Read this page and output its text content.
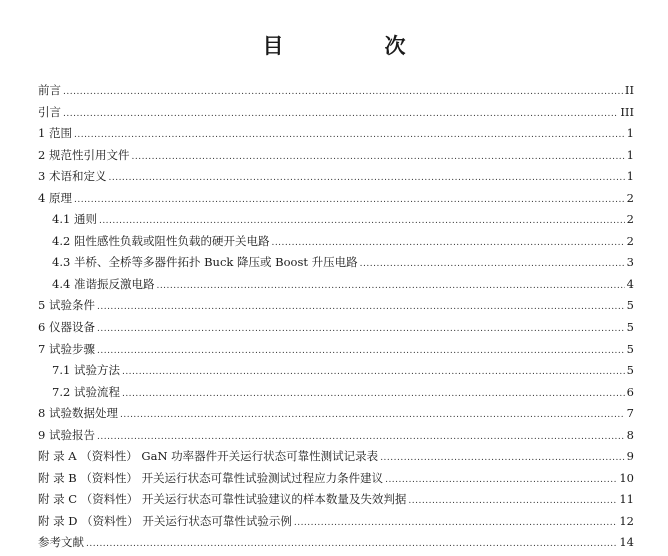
目　次
前言 .....	II
引言 .....	III
1 范围 .....	1
2 规范性引用文件 .....	1
3 术语和定义 .....	1
4 原理 .....	2
4.1 通则 .....	2
4.2 阻性感性负载或阻性负载的硬开关电路 .....	2
4.3 半桥、全桥等多器件拓扑 Buck 降压或 Boost 升压电路 .....	3
4.4 准谐振反激电路 .....	4
5 试验条件 .....	5
6 仪器设备 .....	5
7 试验步骤 .....	5
7.1 试验方法 .....	5
7.2 试验流程 .....	6
8 试验数据处理 .....	7
9 试验报告 .....	8
附 录 A （资料性） GaN 功率器件开关运行状态可靠性测试记录表 .....	9
附 录 B （资料性） 开关运行状态可靠性试验测试过程应力条件建议 .....	10
附 录 C （资料性） 开关运行状态可靠性试验建议的样本数量及失效判据 .....	11
附 录 D （资料性） 开关运行状态可靠性试验示例 .....	12
参考文献 .....	14
